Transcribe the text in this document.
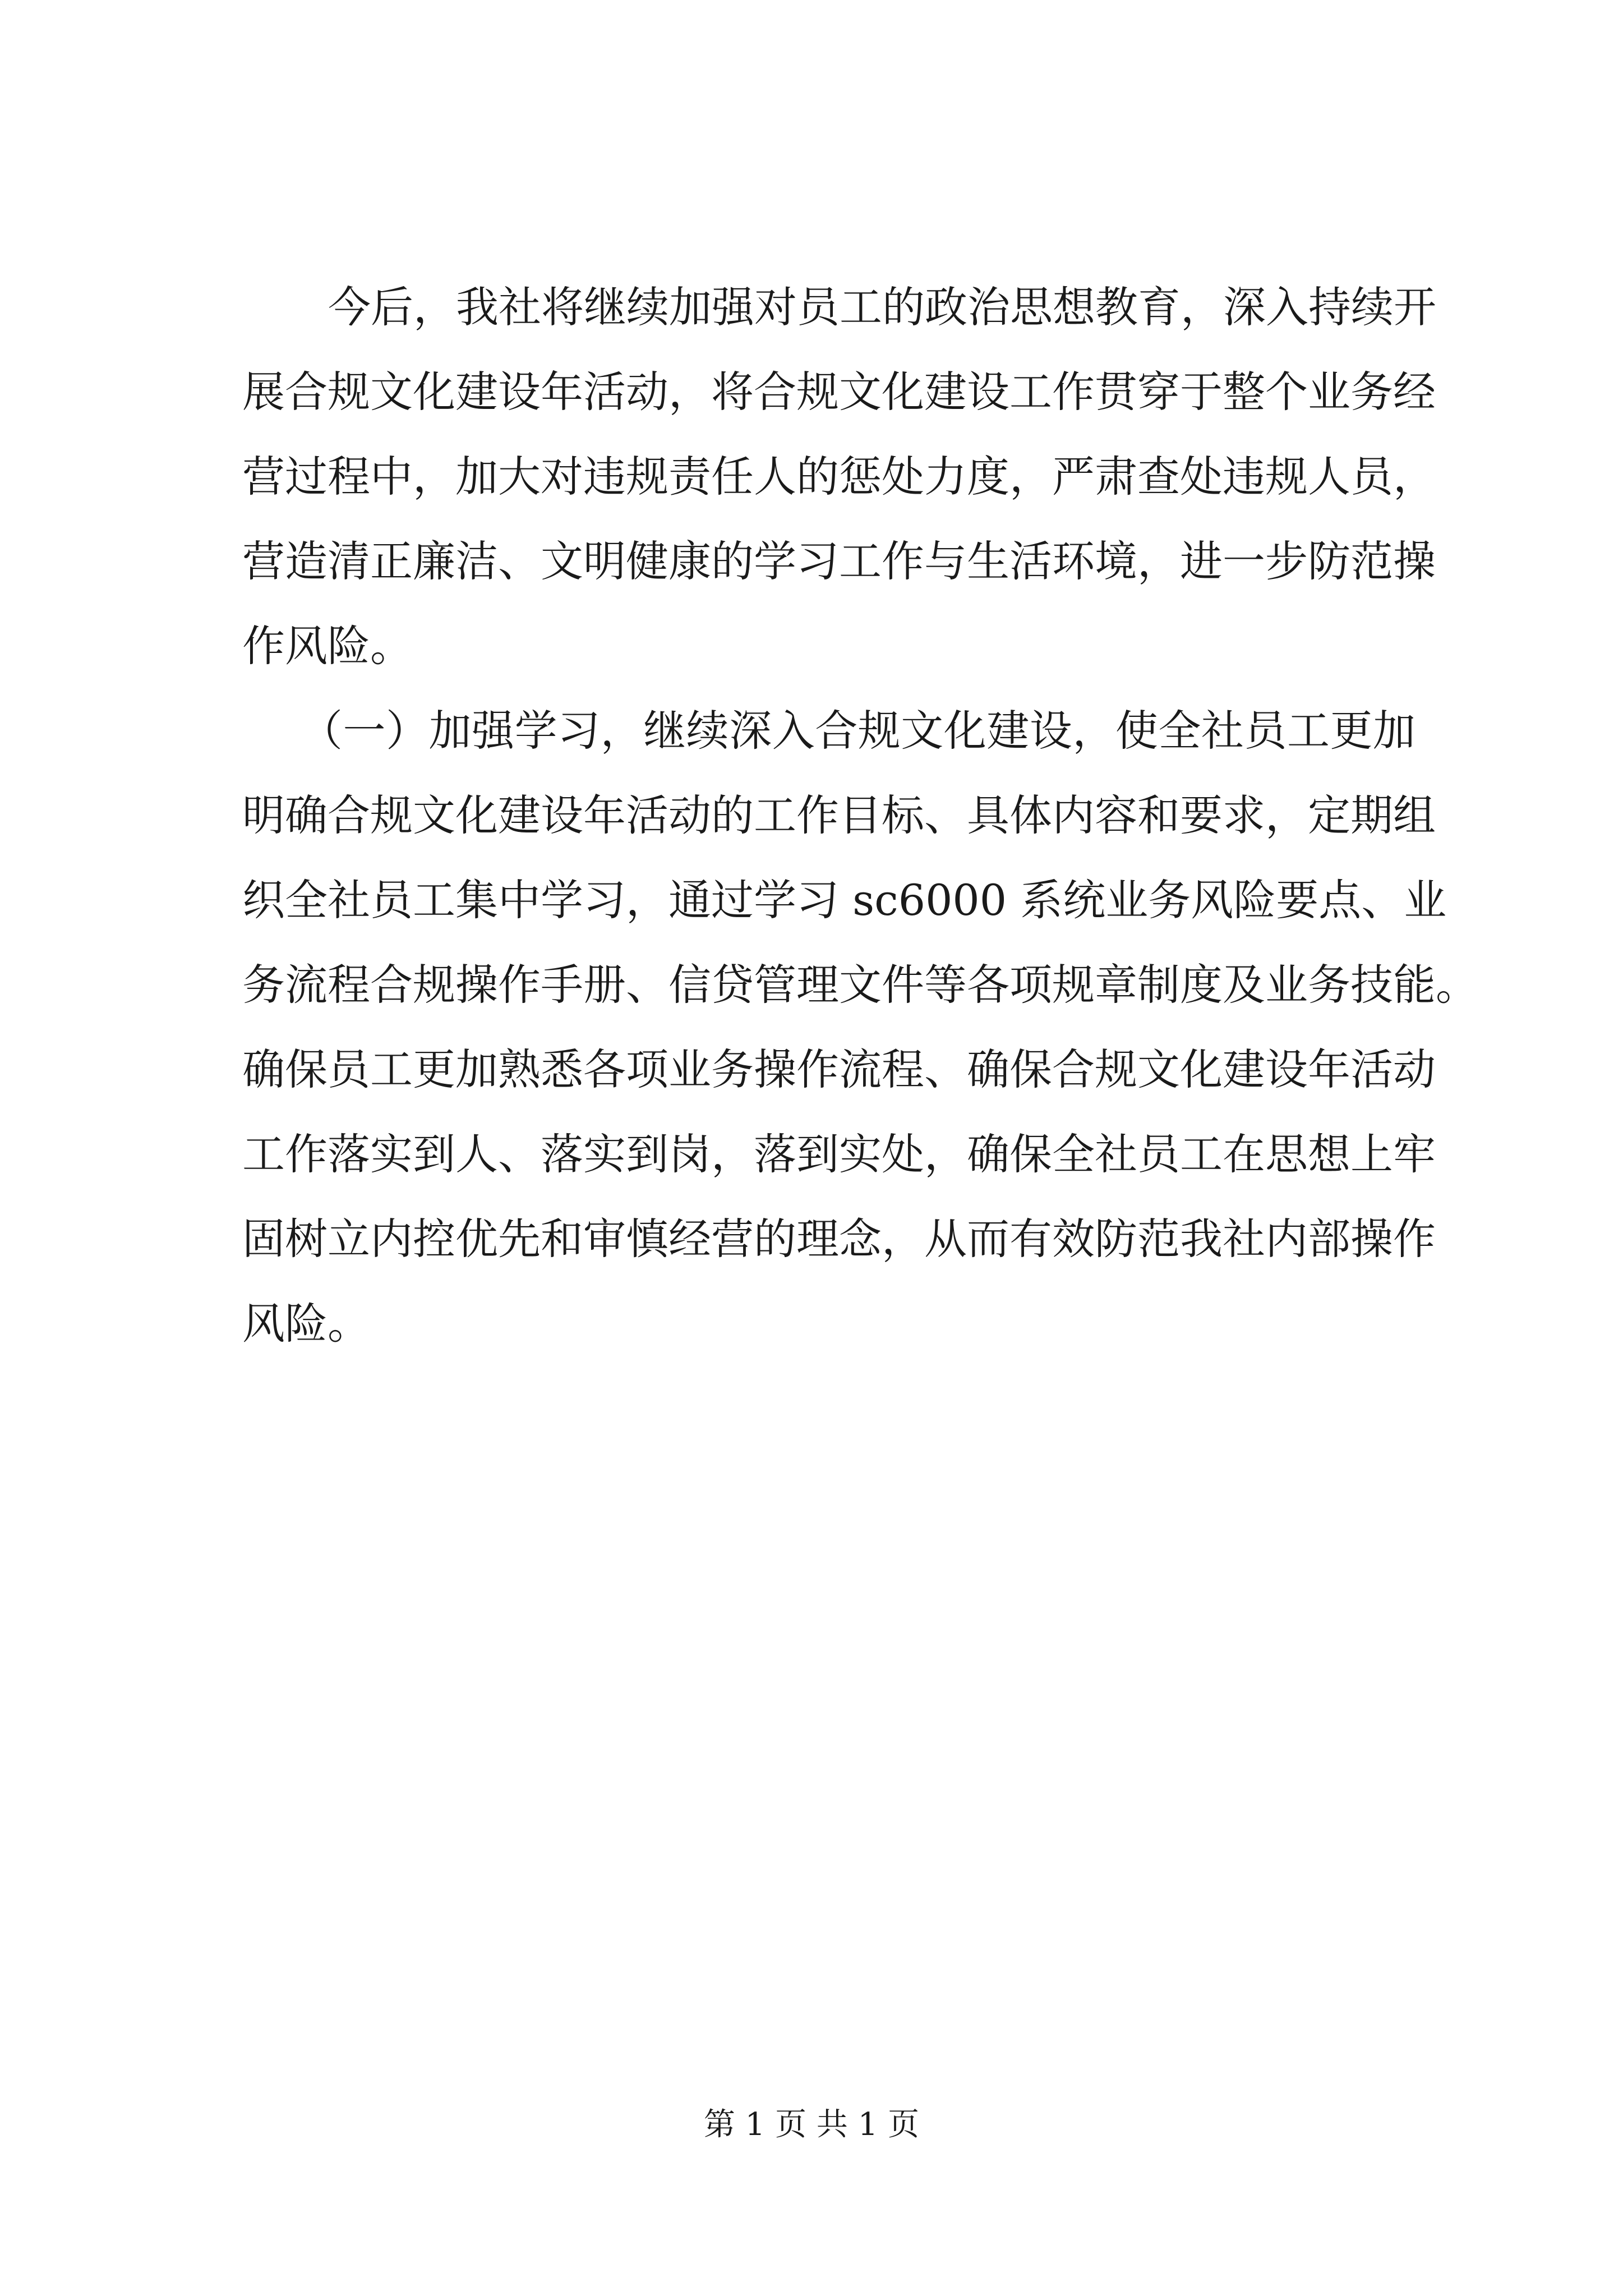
今后，我社将继续加强对员工的政治思想教育，深入持续开
展合规文化建设年活动，将合规文化建设工作贯穿于整个业务经
营过程中，加大对违规责任人的惩处力度，严肃查处违规人员，
营造清正廉洁、文明健康的学习工作与生活环境，进一步防范操
作风险。
（一）加强学习，继续深入合规文化建设，使全社员工更加
明确合规文化建设年活动的工作目标、具体内容和要求，定期组
织全社员工集中学习，通过学习 sc6000 系统业务风险要点、业
务流程合规操作手册、信贷管理文件等各项规章制度及业务技能。
确保员工更加熟悉各项业务操作流程、确保合规文化建设年活动
工作落实到人、落实到岗，落到实处，确保全社员工在思想上牢
固树立内控优先和审慎经营的理念，从而有效防范我社内部操作
风险。
第 1 页 共 1 页
